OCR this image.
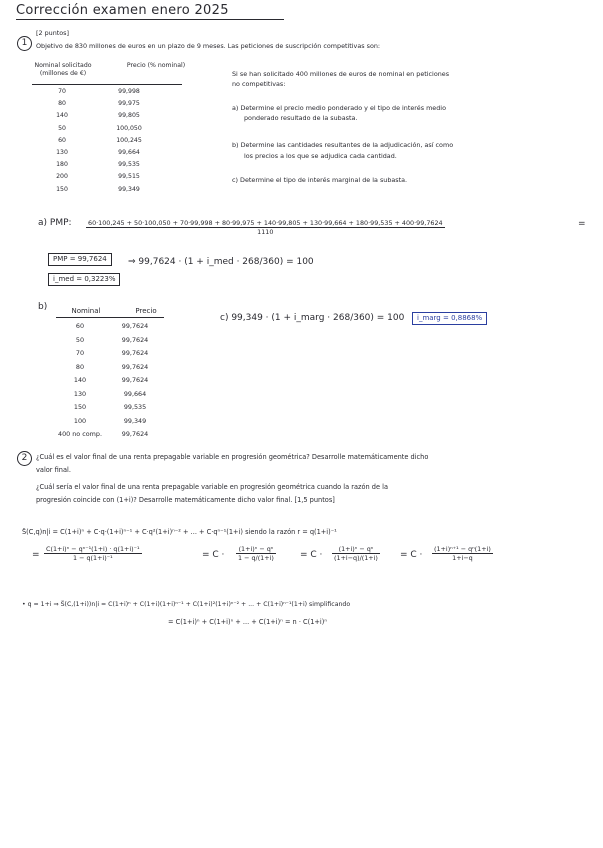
Corrección examen enero 2025
1
[2 puntos]
Objetivo de 830 millones de euros en un plazo de 9 meses. Las peticiones de suscripción competitivas son:
Nominal solicitado (millones de €)
Precio (% nominal)
70	99,998
80	99,975
140	99,805
50	100,050
60	100,245
130	99,664
180	99,535
200	99,515
150	99,349
Si se han solicitado 400 millones de euros de nominal en peticiones
no competitivas:
a) Determine el precio medio ponderado y el tipo de interés medio
ponderado resultado de la subasta.
b) Determine las cantidades resultantes de la adjudicación, así como
los precios a los que se adjudica cada cantidad.
c) Determine el tipo de interés marginal de la subasta.
a) PMP:	60·100,245 + 50·100,050 + 70·99,998 + 80·99,975 + 140·99,805 + 130·99,664 + 180·99,535 + 400·99,7624
1110
=
PMP = 99,7624	⇒ 99,7624 · (1 + i_med · 268/360) = 100
i_med = 0,3223%
b)	Nominal	Precio
60	99,7624
50	99,7624
70	99,7624
80	99,7624
140	99,7624
130	99,664
150	99,535
100	99,349
400 no comp.	99,7624
c) 99,349 · (1 + i_marg · 268/360) = 100	i_marg = 0,8868%
2	¿Cuál es el valor final de una renta prepagable variable en progresión geométrica? Desarrolle matemáticamente dicho
valor final.
¿Cuál sería el valor final de una renta prepagable variable en progresión geométrica cuando la razón de la
progresión coincide con (1+i)? Desarrolle matemáticamente dicho valor final. [1,5 puntos]
S̈(C,q)n|i = C(1+i)ⁿ + C·q·(1+i)ⁿ⁻¹ + C·q²(1+i)ⁿ⁻² + ... + C·qⁿ⁻¹(1+i) siendo la razón r = q(1+i)⁻¹
= $\frac{\text{C(1+i)ⁿ − qⁿ⁻¹(1+i) · q(1+i)⁻¹}}{\text{1 − q(1+i)⁻¹}}$	= $C \cdot \frac{\text{(1+i)ⁿ − qⁿ}}{1 - q/(1+i)}$	= $C \cdot \frac{\text{(1+i)ⁿ − qⁿ}}{(1+i-q)/(1+i)} = C \cdot \frac{\text{(1+i)ⁿ⁺¹ − qⁿ(1+i)}}{1+i-q}$
• q = 1+i ⇒ S̈(C,(1+i))n|i = C(1+i)ⁿ + C(1+i)(1+i)ⁿ⁻¹ + C(1+i)²(1+i)ⁿ⁻² + ... + C(1+i)ⁿ⁻¹(1+i) simplificando
= C(1+i)ⁿ + C(1+i)ⁿ + ... + C(1+i)ⁿ = n · C(1+i)ⁿ
